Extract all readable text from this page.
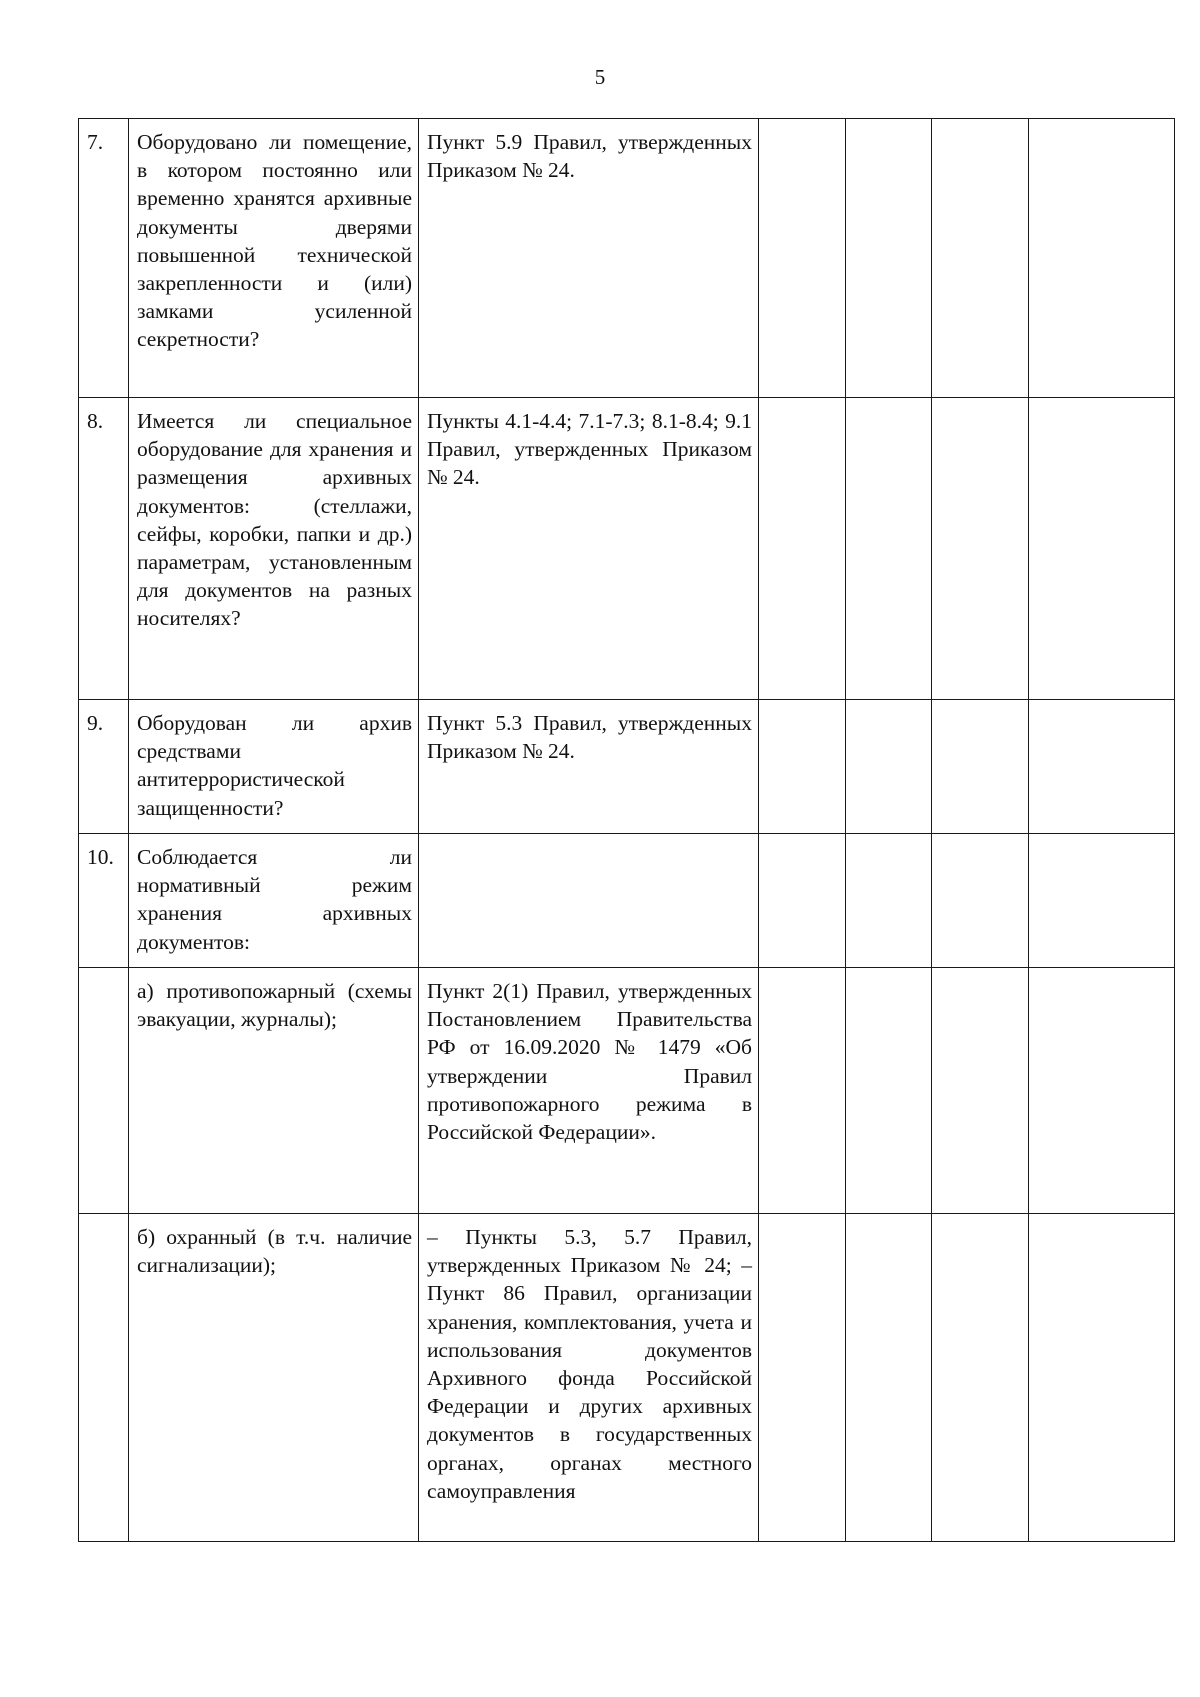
5
7.	Оборудовано ли помещение, в котором постоянно или временно хранятся архивные документы дверями повышенной технической закрепленности и (или) замками усиленной секретности?	Пункт 5.9 Правил, утвержденных Приказом № 24.				
8.	Имеется ли специальное оборудование для хранения и размещения архивных документов: (стеллажи, сейфы, коробки, папки и др.) параметрам, установленным для документов на разных носителях?	Пункты 4.1-4.4; 7.1-7.3; 8.1-8.4; 9.1 Правил, утвержденных Приказом № 24.				
9.	Оборудован ли архив средствами антитеррористической защищенности?	Пункт 5.3 Правил, утвержденных Приказом № 24.				
10.	Соблюдается ли нормативный режим хранения архивных документов:					
	а) противопожарный (схемы эвакуации, журналы);	Пункт 2(1) Правил, утвержденных Постановлением Правительства РФ от 16.09.2020 № 1479 «Об утверждении Правил противопожарного режима в Российской Федерации».				
	б) охранный (в т.ч. наличие сигнализации);	– Пункты 5.3, 5.7 Правил, утвержденных Приказом № 24; – Пункт 86 Правил, организации хранения, комплектования, учета и использования документов Архивного фонда Российской Федерации и других архивных документов в государственных органах, органах местного самоуправления				
